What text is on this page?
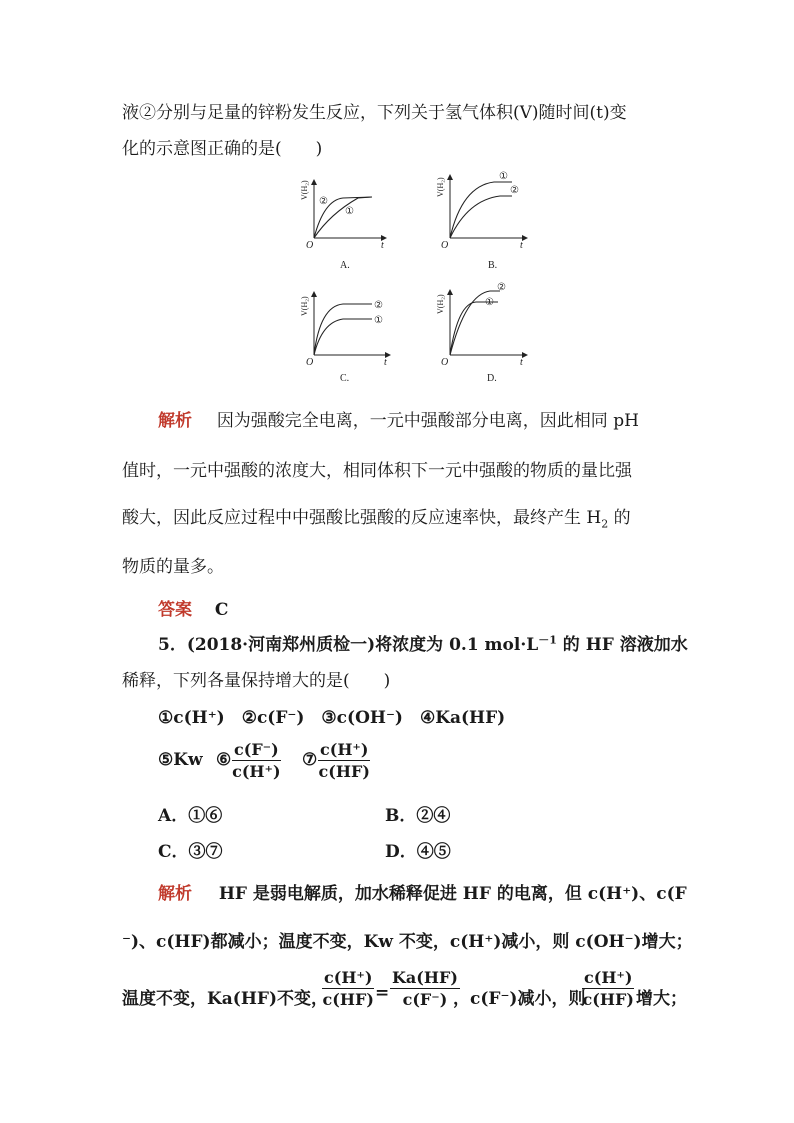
液②分别与足量的锌粉发生反应，下列关于氢气体积(V)随时间(t)变
化的示意图正确的是(　　)
V(H₂)
O	t
②
①
A.
V(H₂)
O	t
①
②
B.
V(H₂)
O	t
②
①
C.
V(H₂)
O	t
①
②
D.
解析 因为强酸完全电离，一元中强酸部分电离，因此相同 pH
值时，一元中强酸的浓度大，相同体积下一元中强酸的物质的量比强
酸大，因此反应过程中中强酸比强酸的反应速率快，最终产生 $H_2$ 的
物质的量多。
答案 C
5．(2018·河南郑州质检一)将浓度为 0.1 $mol\cdot L^{-1}$ 的 HF 溶液加水
稀释，下列各量保持增大的是(　　)
①c(H⁺)　②c(F⁻)　③c(OH⁻)　④Ka(HF)
⑤Kw ⑥ $\frac{c(F^-)}{c(H^+)}$ ⑦ $\frac{c(H^+)}{c(HF)}$
A．①⑥	B．②④
C．③⑦	D．④⑤
解析 HF 是弱电解质，加水稀释促进 HF 的电离，但 c(H⁺)、c(F
⁻)、c(HF)都减小；温度不变，Kw 不变，c(H⁺)减小，则 c(OH⁻)增大；
温度不变，Ka(HF)不变，
$\frac{c(H^+)}{c(HF)} = \frac{Ka(HF)}{c(F^-)}$
，c(F⁻)减小，则
$\frac{c(H^+)}{c(HF)}$ 增大；
